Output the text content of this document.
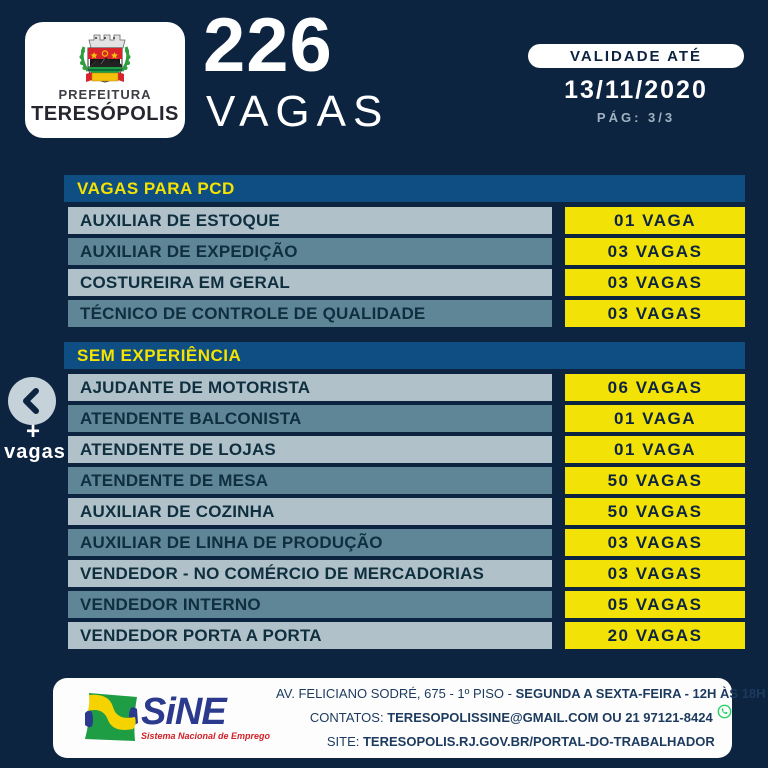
PREFEITURA
TERESÓPOLIS
226
VAGAS
VALIDADE ATÉ
13/11/2020
PÁG: 3/3
+
vagas
VAGAS PARA PCD
AUXILIAR DE ESTOQUE	01 VAGA
AUXILIAR DE EXPEDIÇÃO	03 VAGAS
COSTUREIRA EM GERAL	03 VAGAS
TÉCNICO DE CONTROLE DE QUALIDADE	03 VAGAS
SEM EXPERIÊNCIA
AJUDANTE DE MOTORISTA	06 VAGAS
ATENDENTE BALCONISTA	01 VAGA
ATENDENTE DE LOJAS	01 VAGA
ATENDENTE DE MESA	50 VAGAS
AUXILIAR DE COZINHA	50 VAGAS
AUXILIAR DE LINHA DE PRODUÇÃO	03 VAGAS
VENDEDOR - NO COMÉRCIO DE MERCADORIAS	03 VAGAS
VENDEDOR INTERNO	05 VAGAS
VENDEDOR PORTA A PORTA	20 VAGAS
SiNE
Sistema Nacional de Emprego
AV. FELICIANO SODRÉ, 675 - 1º PISO - SEGUNDA A SEXTA-FEIRA - 12H ÀS 18H
CONTATOS: TERESOPOLISSINE@GMAIL.COM OU 21 97121-8424
SITE: TERESOPOLIS.RJ.GOV.BR/PORTAL-DO-TRABALHADOR
